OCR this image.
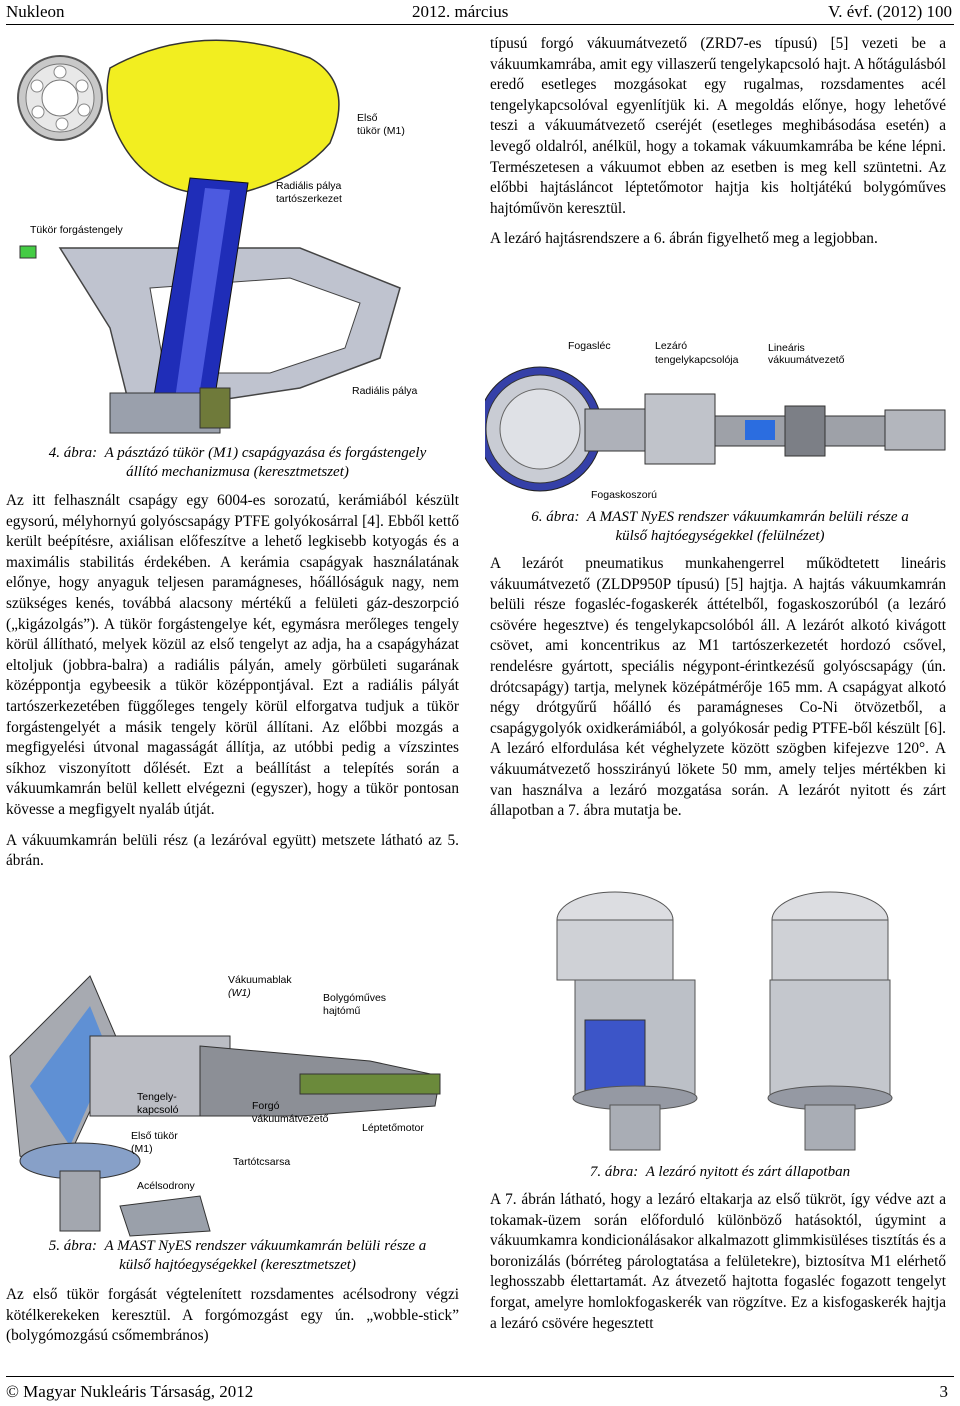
Nukleon	2012. március	V. évf. (2012) 100
Tükör forgástengely
Radiális pálya
tartószerkezet
Első
tükör (M1)
Radiális pálya

4. ábra: A pásztázó tükör (M1) csapágyazása és forgástengely

állító mechanizmusa (keresztmetszet)

Az itt felhasznált csapágy egy 6004-es sorozatú, kerámiából készült egysorú, mélyhornyú golyóscsapágy PTFE golyókosárral [4]. Ebből kettő került beépítésre, axiálisan előfeszítve a lehető legkisebb kotyogás és a maximális stabilitás érdekében. A kerámia csapágyak használatának előnye, hogy anyaguk teljesen paramágneses, hőállóságuk nagy, nem szükséges kenés, továbbá alacsony mértékű a felületi gáz-deszorpció („kigázolgás”). A tükör forgástengelye két, egymásra merőleges tengely körül állítható, melyek közül az első tengelyt az adja, ha a csapágyházat eltoljuk (jobbra-balra) a radiális pályán, amely görbületi sugarának középpontja egybeesik a tükör középpontjával. Ezt a radiális pályát tartószerkezetében függőleges tengely körül elforgatva tudjuk a tükör forgástengelyét a másik tengely körül állítani. Az előbbi mozgás a megfigyelési útvonal magasságát állítja, az utóbbi pedig a vízszintes síkhoz viszonyított dőlését. Ezt a beállítást a telepítés során a vákuumkamrán belül kellett elvégezni (egyszer), hogy a tükör pontosan kövesse a megfigyelt nyaláb útját.

A vákuumkamrán belüli rész (a lezáróval együtt) metszete látható az 5. ábrán.

Vákuumablak
(W1)	Bolygóműves
hajtómű
Tengely-
kapcsoló	Forgó
vákuumátvezető
Léptetőmotor
Első tükör
(M1)
Tartótcsarsa
Acélsodrony

5. ábra: A MAST NyES rendszer vákuumkamrán belüli része a

külső hajtóegységekkel (keresztmetszet)

Az első tükör forgását végtelenített rozsdamentes acélsodrony végzi kötélkerekeken keresztül. A forgómozgást egy ún. „wobble-stick” (bolygómozgású csőmembrános)

típusú forgó vákuumátvezető (ZRD7-es típusú) [5] vezeti be a vákuumkamrába, amit egy villaszerű tengelykapcsoló hajt. A hőtágulásból eredő esetleges mozgásokat egy rugalmas, rozsdamentes acél tengelykapcsolóval egyenlítjük ki. A megoldás előnye, hogy lehetővé teszi a vákuumátvezető cseréjét (esetleges meghibásodása esetén) a levegő oldalról, anélkül, hogy a tokamak vákuumkamrába be kéne lépni. Természetesen a vákuumot ebben az esetben is meg kell szüntetni. Az előbbi hajtásláncot léptetőmotor hajtja kis holtjátékú bolygóműves hajtóművön keresztül.

A lezáró hajtásrendszere a 6. ábrán figyelhető meg a legjobban.

Fogasléc	Lezáró
tengelykapcsolója
Lineáris
vákuumátvezető
Fogaskoszorú

6. ábra: A MAST NyES rendszer vákuumkamrán belüli része a

külső hajtóegységekkel (felülnézet)

A lezárót pneumatikus munkahengerrel működtetett lineáris vákuumátvezető (ZLDP950P típusú) [5] hajtja. A hajtás vákuumkamrán belüli része fogasléc-fogaskerék áttételből, fogaskoszorúból (a lezáró csövére hegesztve) és tengelykapcsolóból áll. A lezárót alkotó kivágott csövet, ami koncentrikus az M1 tartószerkezetét hordozó csővel, rendelésre gyártott, speciális négypont-érintkezésű golyóscsapágy (ún. drótcsapágy) tartja, melynek középátmérője 165 mm. A csapágyat alkotó négy drótgyűrű hőálló és paramágneses Co-Ni ötvözetből, a csapágygolyók oxidkerámiából, a golyókosár pedig PTFE-ből készült [6]. A lezáró elfordulása két véghelyzete között szögben kifejezve 120°. A vákuumátvezető hosszirányú lökete 50 mm, amely teljes mértékben ki van használva a lezáró mozgatása során. A lezárót nyitott és zárt állapotban a 7. ábra mutatja be.

7. ábra: A lezáró nyitott és zárt állapotban

A 7. ábrán látható, hogy a lezáró eltakarja az első tükröt, így védve azt a tokamak-üzem során előforduló különböző hatásoktól, úgymint a vákuumkamra kondicionálásakor alkalmazott glimmkisüléses tisztítás és a boronizálás (bórréteg párologtatása a felületekre), biztosítva M1 elérhető leghosszabb élettartamát. Az átvezető hajtotta fogasléc fogazott tengelyt forgat, amelyre homlokfogaskerék van rögzítve. Ez a kisfogaskerék hajtja a lezáró csövére hegesztett

© Magyar Nukleáris Társaság, 2012	3
